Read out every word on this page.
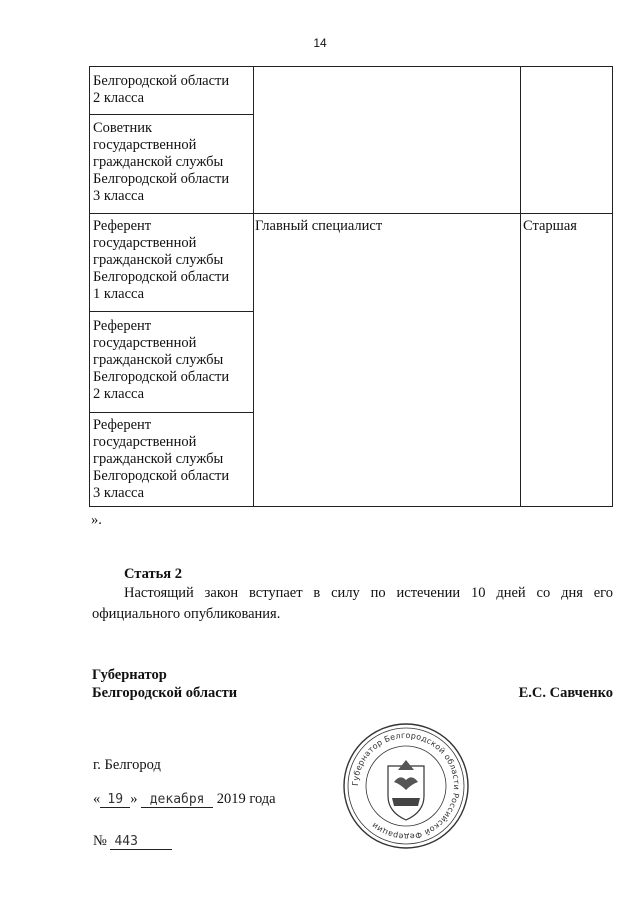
14
Белгородской области
2 класса
Советник
государственной
гражданской службы
Белгородской области
3 класса
Референт
государственной
гражданской службы
Белгородской области
1 класса
Главный специалист	Старшая
Референт
государственной
гражданской службы
Белгородской области
2 класса
Референт
государственной
гражданской службы
Белгородской области
3 класса
».
Статья 2
Настоящий закон вступает в силу по истечении 10 дней со дня его официального опубликования.
Губернатор
Белгородской области	Е.С. Савченко
г. Белгород
« 19 » декабря 2019 года
№ 443
Губернатор Белгородской области Российской Федерации
